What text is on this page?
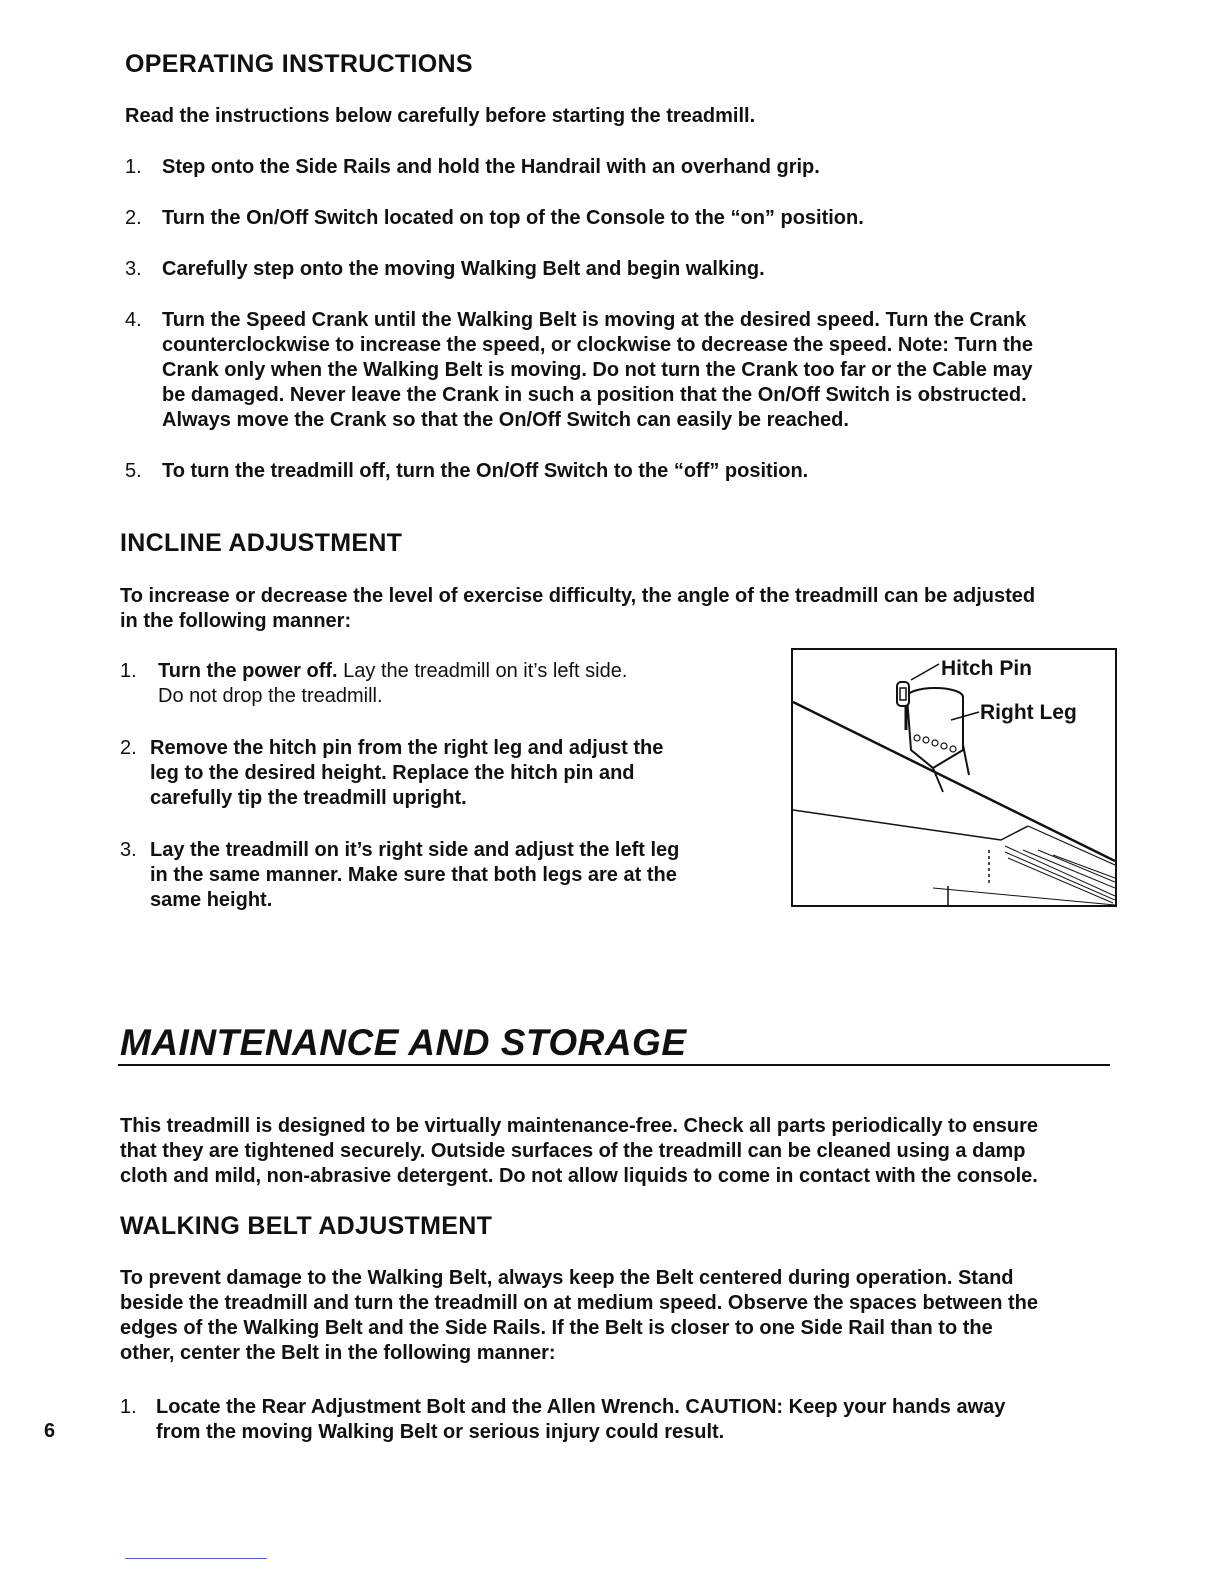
OPERATING INSTRUCTIONS
Read the instructions below carefully before starting the treadmill.
1. Step onto the Side Rails and hold the Handrail with an overhand grip.
2. Turn the On/Off Switch located on top of the Console to the “on” position.
3. Carefully step onto the moving Walking Belt and begin walking.
4. Turn the Speed Crank until the Walking Belt is moving at the desired speed. Turn the Crank
counterclockwise to increase the speed, or clockwise to decrease the speed. Note: Turn the
Crank only when the Walking Belt is moving. Do not turn the Crank too far or the Cable may
be damaged. Never leave the Crank in such a position that the On/Off Switch is obstructed.
Always move the Crank so that the On/Off Switch can easily be reached.
5. To turn the treadmill off, turn the On/Off Switch to the “off” position.
INCLINE ADJUSTMENT
To increase or decrease the level of exercise difficulty, the angle of the treadmill can be adjusted
in the following manner:
1. Turn the power off. Lay the treadmill on it’s left side.
Do not drop the treadmill.
2. Remove the hitch pin from the right leg and adjust the
leg to the desired height. Replace the hitch pin and
carefully tip the treadmill upright.
3. Lay the treadmill on it’s right side and adjust the left leg
in the same manner. Make sure that both legs are at the
same height.
Hitch Pin
Right Leg
MAINTENANCE AND STORAGE
This treadmill is designed to be virtually maintenance-free. Check all parts periodically to ensure
that they are tightened securely. Outside surfaces of the treadmill can be cleaned using a damp
cloth and mild, non-abrasive detergent. Do not allow liquids to come in contact with the console.
WALKING BELT ADJUSTMENT
To prevent damage to the Walking Belt, always keep the Belt centered during operation. Stand
beside the treadmill and turn the treadmill on at medium speed. Observe the spaces between the
edges of the Walking Belt and the Side Rails. If the Belt is closer to one Side Rail than to the
other, center the Belt in the following manner:
1. Locate the Rear Adjustment Bolt and the Allen Wrench. CAUTION: Keep your hands away
from the moving Walking Belt or serious injury could result.
6
